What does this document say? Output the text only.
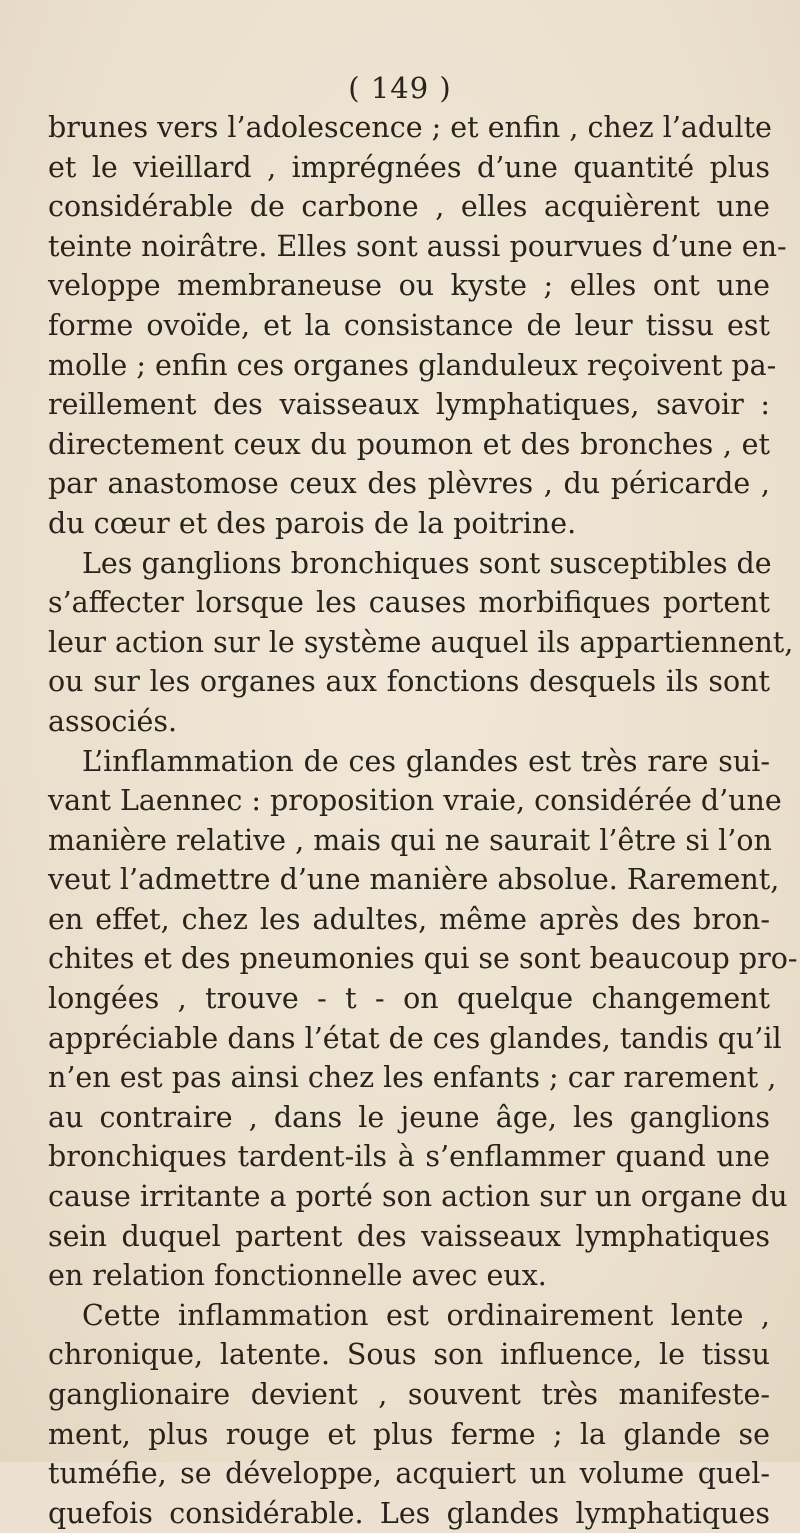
( 149 )
brunes vers l’adolescence ; et enfin , chez l’adulte
et le vieillard , imprégnées d’une quantité plus
considérable de carbone , elles acquièrent une
teinte noirâtre. Elles sont aussi pourvues d’une en-
veloppe membraneuse ou kyste ; elles ont une
forme ovoïde, et la consistance de leur tissu est
molle ; enfin ces organes glanduleux reçoivent pa-
reillement des vaisseaux lymphatiques, savoir :
directement ceux du poumon et des bronches , et
par anastomose ceux des plèvres , du péricarde ,
du cœur et des parois de la poitrine.
Les ganglions bronchiques sont susceptibles de
s’affecter lorsque les causes morbifiques portent
leur action sur le système auquel ils appartiennent,
ou sur les organes aux fonctions desquels ils sont
associés.
L’inflammation de ces glandes est très rare sui-
vant Laennec : proposition vraie, considérée d’une
manière relative , mais qui ne saurait l’être si l’on
veut l’admettre d’une manière absolue. Rarement,
en effet, chez les adultes, même après des bron-
chites et des pneumonies qui se sont beaucoup pro-
longées , trouve - t - on quelque changement
appréciable dans l’état de ces glandes, tandis qu’il
n’en est pas ainsi chez les enfants ; car rarement ,
au contraire , dans le jeune âge, les ganglions
bronchiques tardent-ils à s’enflammer quand une
cause irritante a porté son action sur un organe du
sein duquel partent des vaisseaux lymphatiques
en relation fonctionnelle avec eux.
Cette inflammation est ordinairement lente ,
chronique, latente. Sous son influence, le tissu
ganglionaire devient , souvent très manifeste-
ment, plus rouge et plus ferme ; la glande se
tuméfie, se développe, acquiert un volume quel-
quefois considérable. Les glandes lymphatiques
